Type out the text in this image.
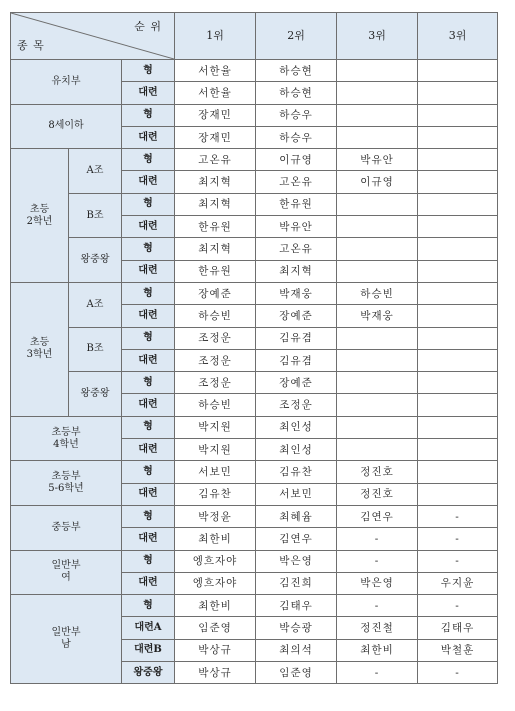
순 위
종 목			1위	2위	3위	3위
유치부		형	서한율	하승현		
		대련	서한율	하승현		
8세이하		형	장재민	하승우		
		대련	장재민	하승우		
초등
2학년	A조	형	고온유	이규영	박유안	
		대련	최지혁	고온유	이규영	
	B조	형	최지혁	한유원		
		대련	한유원	박유안		
	왕중왕	형	최지혁	고온유		
		대련	한유원	최지혁		
초등
3학년	A조	형	장예준	박재웅	하승빈	
		대련	하승빈	장예준	박재웅	
	B조	형	조정운	김유겸		
		대련	조정운	김유겸		
	왕중왕	형	조정운	장예준		
		대련	하승빈	조정운		
초등부
4학년		형	박지원	최인성		
		대련	박지원	최인성		
초등부
5-6학년		형	서보민	김유찬	정진호	
		대련	김유찬	서보민	정진호	
중등부		형	박정윤	최혜윰	김연우	-
		대련	최한비	김연우	-	-
일반부
여		형	엥흐자야	박은영	-	-
		대련	엥흐자야	김진희	박은영	우지윤
일반부
남		형	최한비	김태우	-	-
		대련A	임준영	박승광	정진철	김태우
		대련B	박상규	최의석	최한비	박철훈
		왕중왕	박상규	임준영	-	-
